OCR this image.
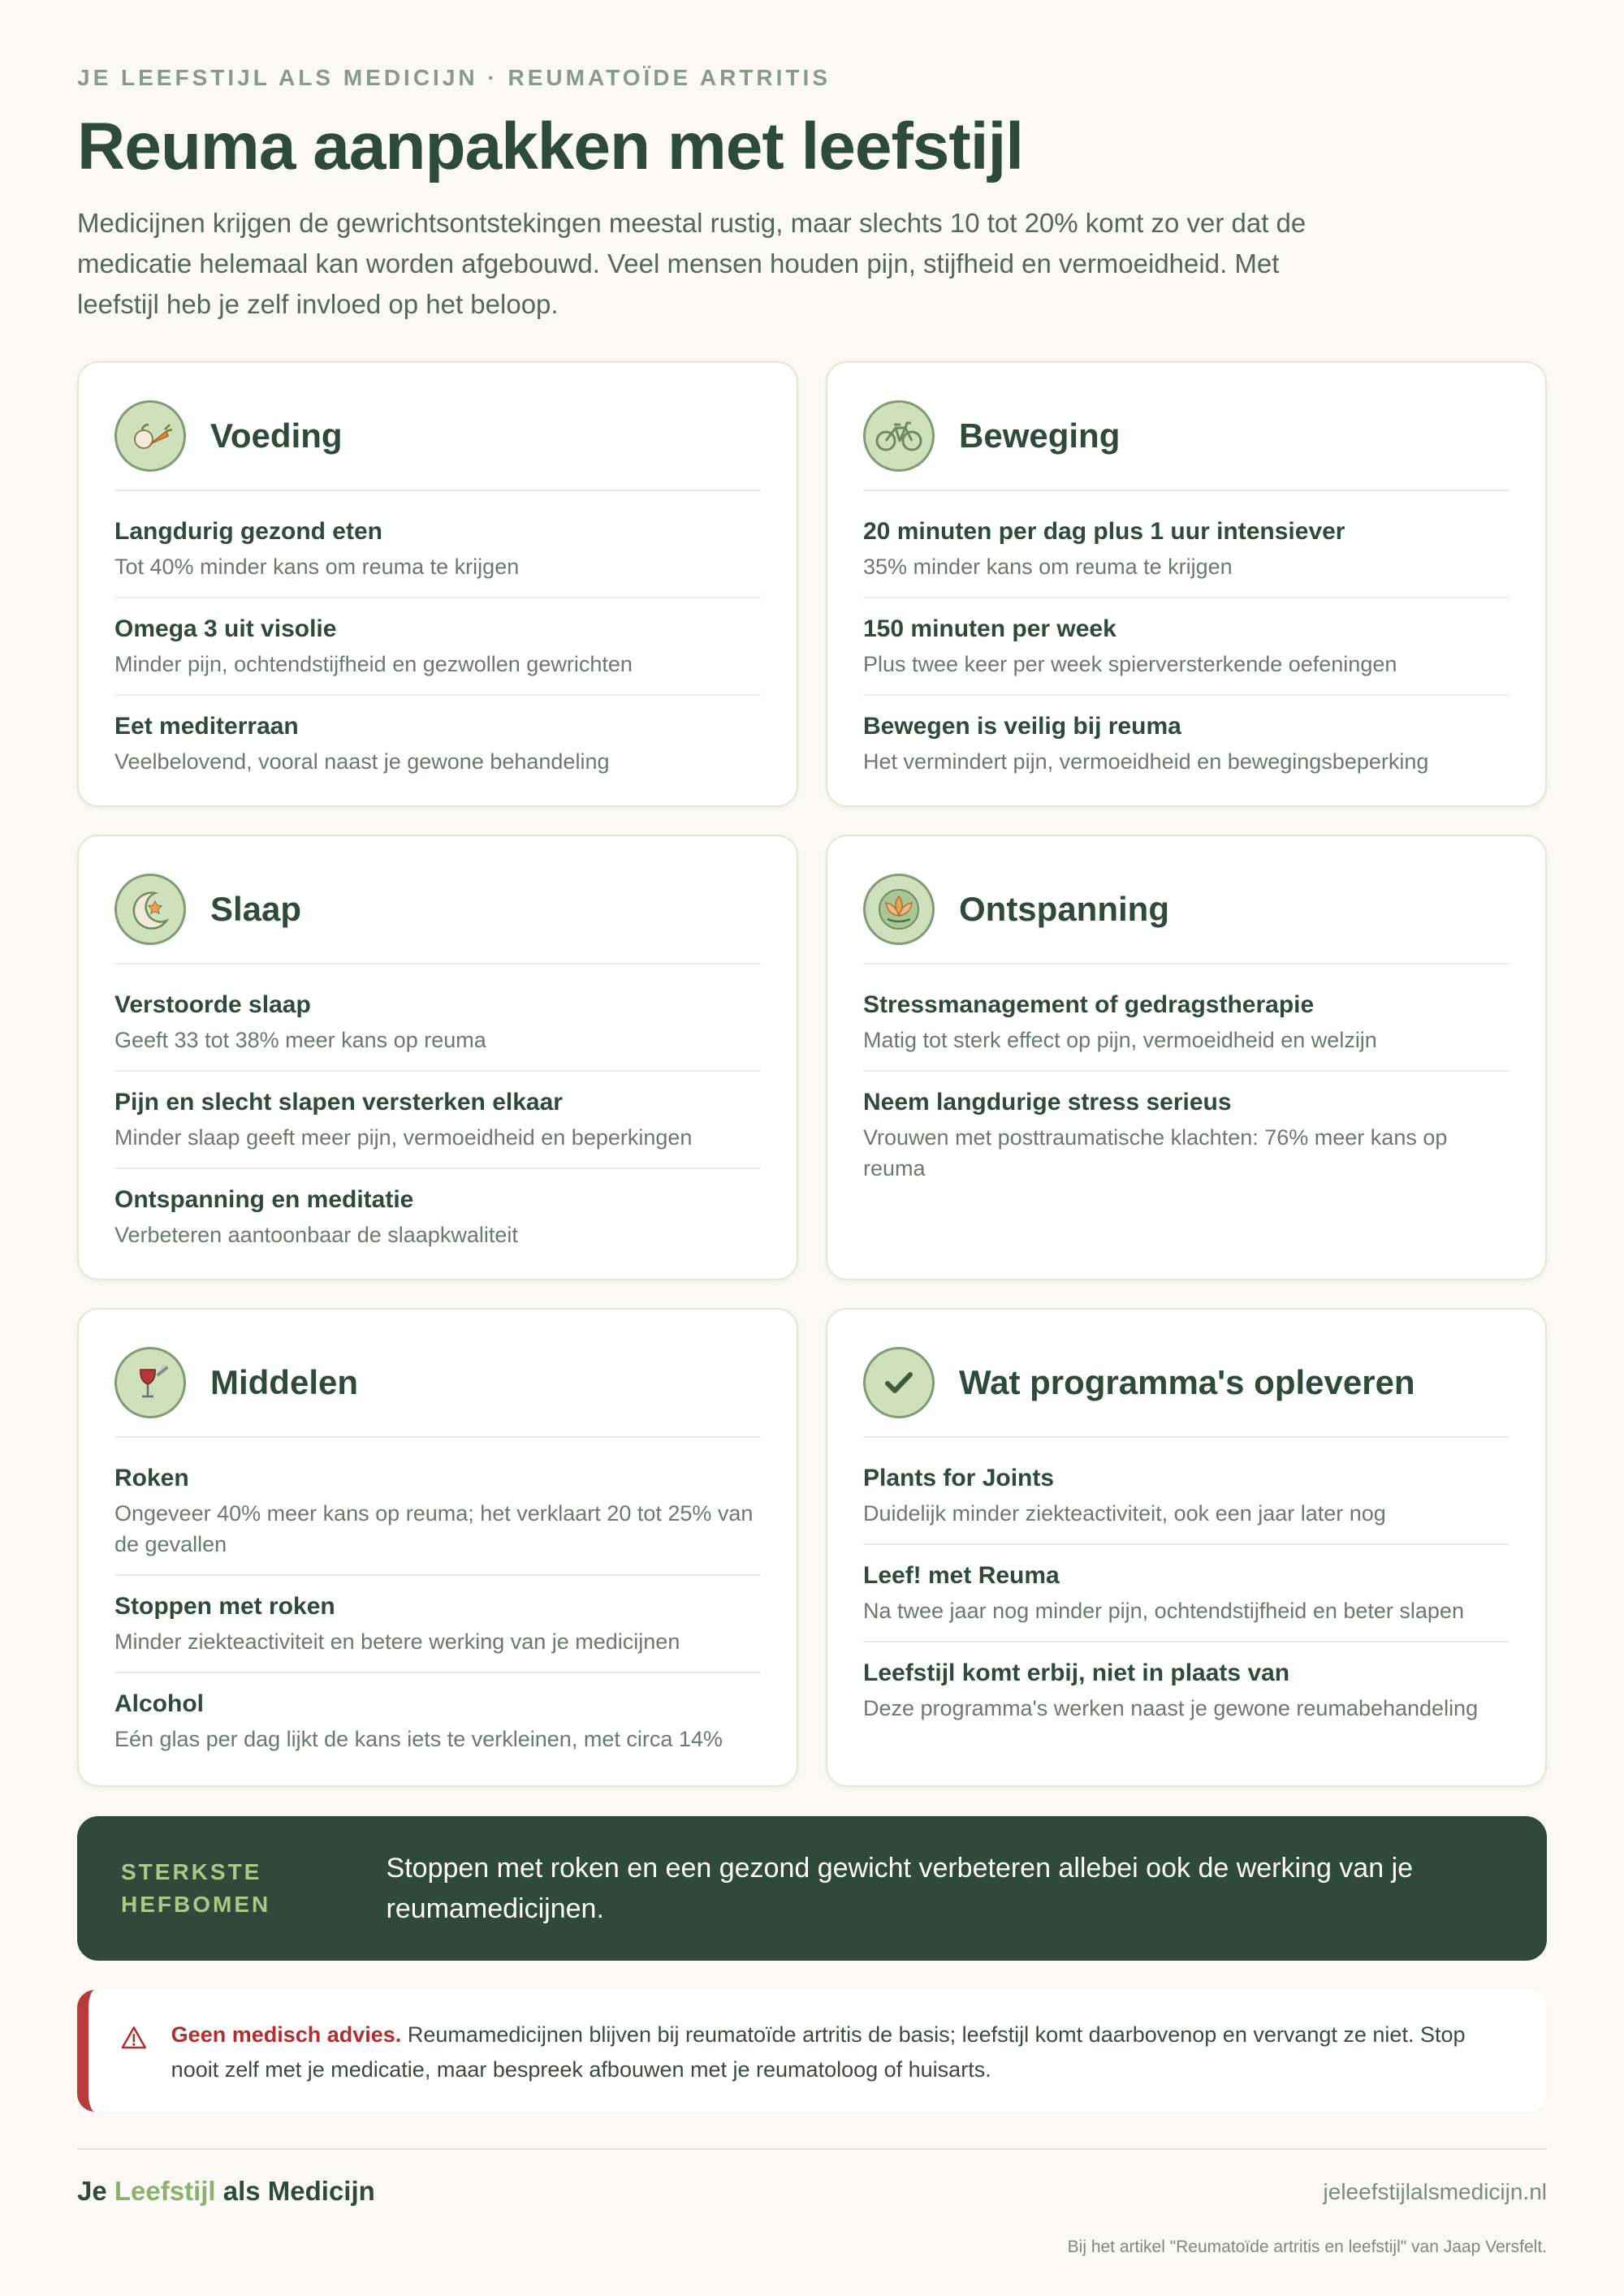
JE LEEFSTIJL ALS MEDICIJN · REUMATOÏDE ARTRITIS
Reuma aanpakken met leefstijl

Medicijnen krijgen de gewrichtsontstekingen meestal rustig, maar slechts 10 tot 20% komt zo ver dat de medicatie helemaal kan worden afgebouwd. Veel mensen houden pijn, stijfheid en vermoeidheid. Met leefstijl heb je zelf invloed op het beloop.

Voeding
Langdurig gezond eten
Tot 40% minder kans om reuma te krijgen
Omega 3 uit visolie
Minder pijn, ochtendstijfheid en gezwollen gewrichten
Eet mediterraan
Veelbelovend, vooral naast je gewone behandeling
Beweging
20 minuten per dag plus 1 uur intensiever
35% minder kans om reuma te krijgen
150 minuten per week
Plus twee keer per week spierversterkende oefeningen
Bewegen is veilig bij reuma
Het vermindert pijn, vermoeidheid en bewegingsbeperking
Slaap
Verstoorde slaap
Geeft 33 tot 38% meer kans op reuma
Pijn en slecht slapen versterken elkaar
Minder slaap geeft meer pijn, vermoeidheid en beperkingen
Ontspanning en meditatie
Verbeteren aantoonbaar de slaapkwaliteit
Ontspanning
Stressmanagement of gedragstherapie
Matig tot sterk effect op pijn, vermoeidheid en welzijn
Neem langdurige stress serieus
Vrouwen met posttraumatische klachten: 76% meer kans op reuma
Middelen
Roken
Ongeveer 40% meer kans op reuma; het verklaart 20 tot 25% van de gevallen
Stoppen met roken
Minder ziekteactiviteit en betere werking van je medicijnen
Alcohol
Eén glas per dag lijkt de kans iets te verkleinen, met circa 14%
Wat programma's opleveren
Plants for Joints
Duidelijk minder ziekteactiviteit, ook een jaar later nog
Leef! met Reuma
Na twee jaar nog minder pijn, ochtendstijfheid en beter slapen
Leefstijl komt erbij, niet in plaats van
Deze programma's werken naast je gewone reumabehandeling
STERKSTE
HEFBOMEN
Stoppen met roken en een gezond gewicht verbeteren allebei ook de werking van je reumamedicijnen.
Geen medisch advies. Reumamedicijnen blijven bij reumatoïde artritis de basis; leefstijl komt daarbovenop en vervangt ze niet. Stop nooit zelf met je medicatie, maar bespreek afbouwen met je reumatoloog of huisarts.
Je Leefstijl als Medicijn	jeleefstijlalsmedicijn.nl
Bij het artikel "Reumatoïde artritis en leefstijl" van Jaap Versfelt.
